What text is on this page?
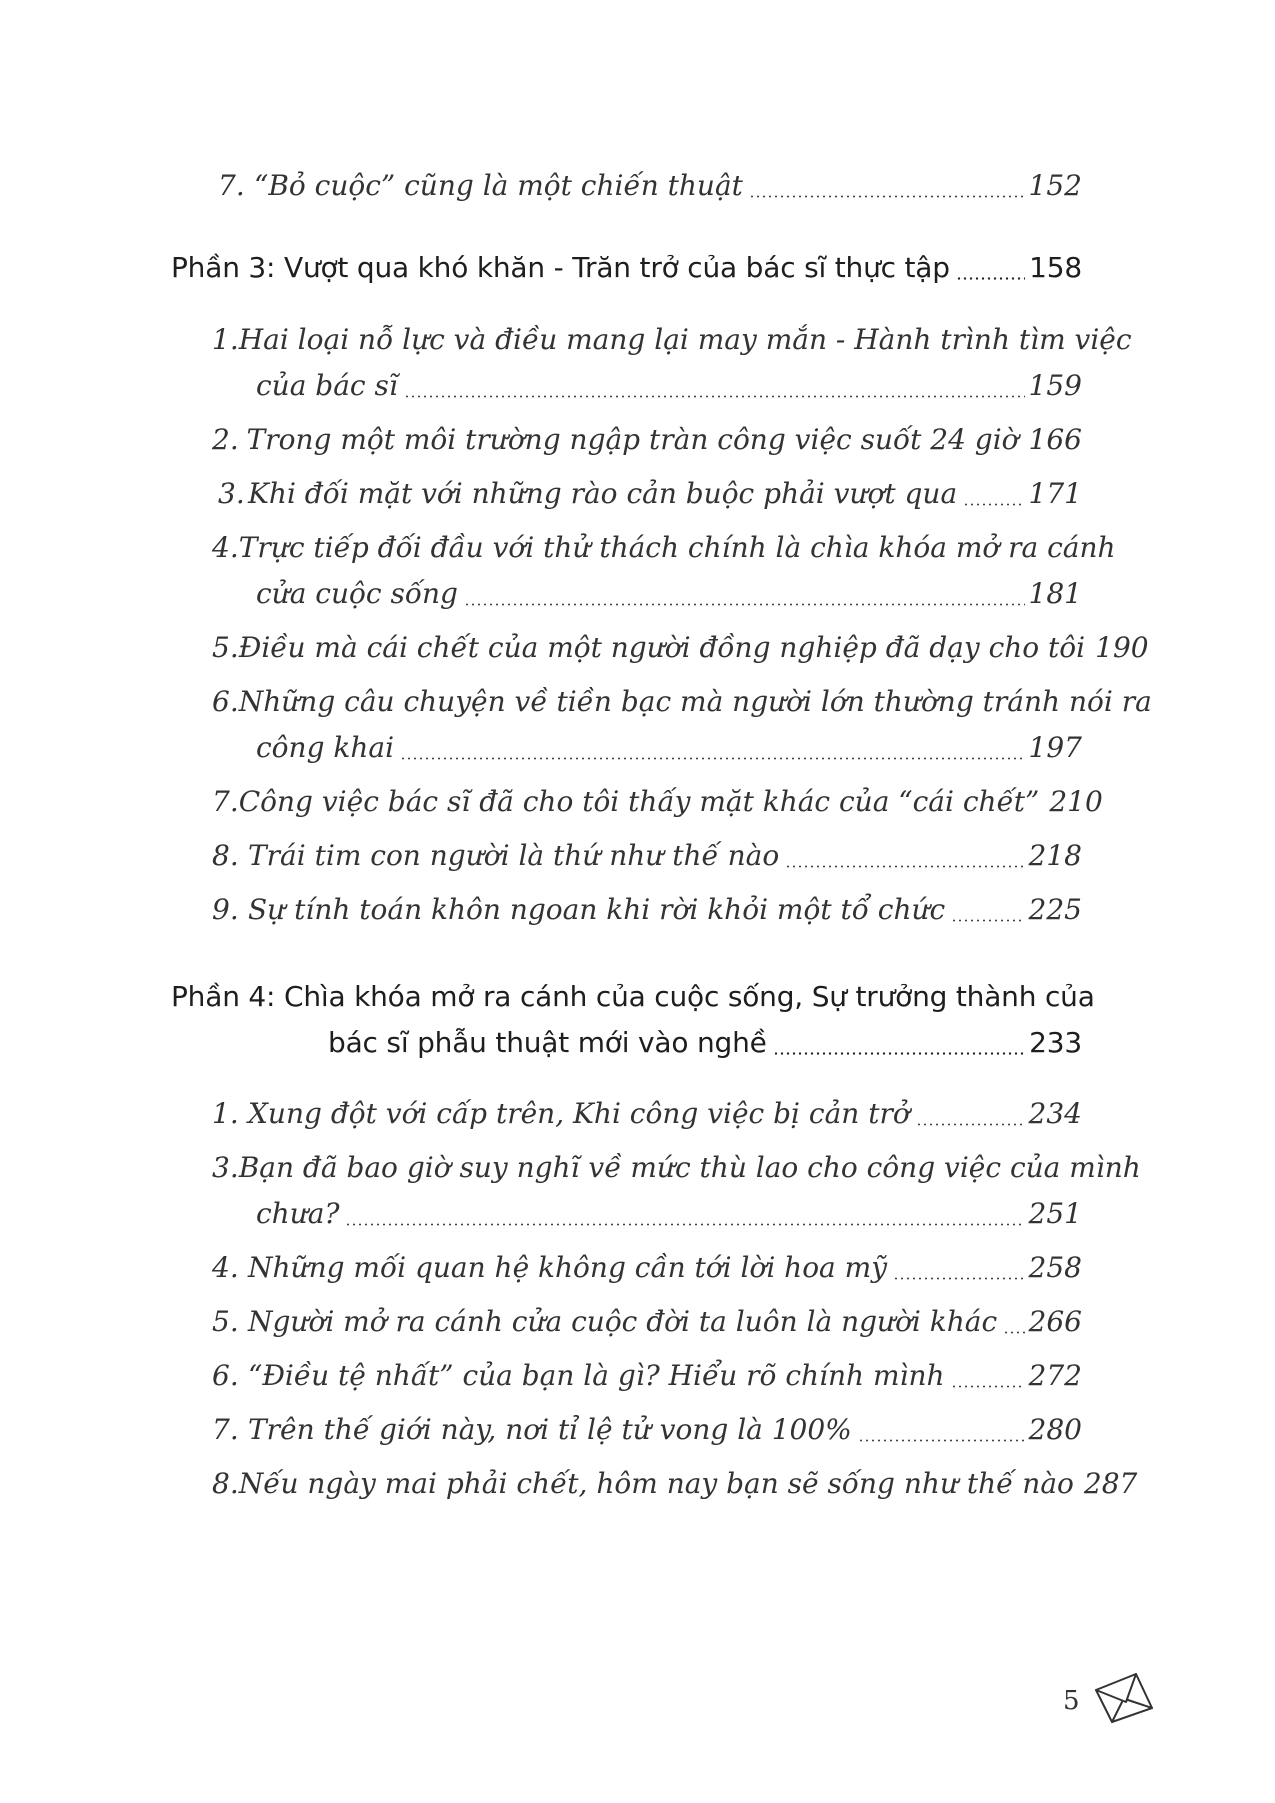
7. “Bỏ cuộc” cũng là một chiến thuật	152
Phần 3: Vượt qua khó khăn - Trăn trở của bác sĩ thực tập	158
1. Hai loại nỗ lực và điều mang lại may mắn - Hành trình tìm việc
của bác sĩ	159
2. Trong một môi trường ngập tràn công việc suốt 24 giờ 166
3. Khi đối mặt với những rào cản buộc phải vượt qua	171
4. Trực tiếp đối đầu với thử thách chính là chìa khóa mở ra cánh
cửa cuộc sống	181
5. Điều mà cái chết của một người đồng nghiệp đã dạy cho tôi 190
6. Những câu chuyện về tiền bạc mà người lớn thường tránh nói ra
công khai	197
7. Công việc bác sĩ đã cho tôi thấy mặt khác của “cái chết” 210
8. Trái tim con người là thứ như thế nào	218
9. Sự tính toán khôn ngoan khi rời khỏi một tổ chức	225
Phần 4: Chìa khóa mở ra cánh của cuộc sống, Sự trưởng thành của
bác sĩ phẫu thuật mới vào nghề	233
1. Xung đột với cấp trên, Khi công việc bị cản trở	234
3. Bạn đã bao giờ suy nghĩ về mức thù lao cho công việc của mình
chưa?	251
4. Những mối quan hệ không cần tới lời hoa mỹ	258
5. Người mở ra cánh cửa cuộc đời ta luôn là người khác 266
6. “Điều tệ nhất” của bạn là gì? Hiểu rõ chính mình	272
7. Trên thế giới này, nơi tỉ lệ tử vong là 100%	280
8. Nếu ngày mai phải chết, hôm nay bạn sẽ sống như thế nào 287
5
